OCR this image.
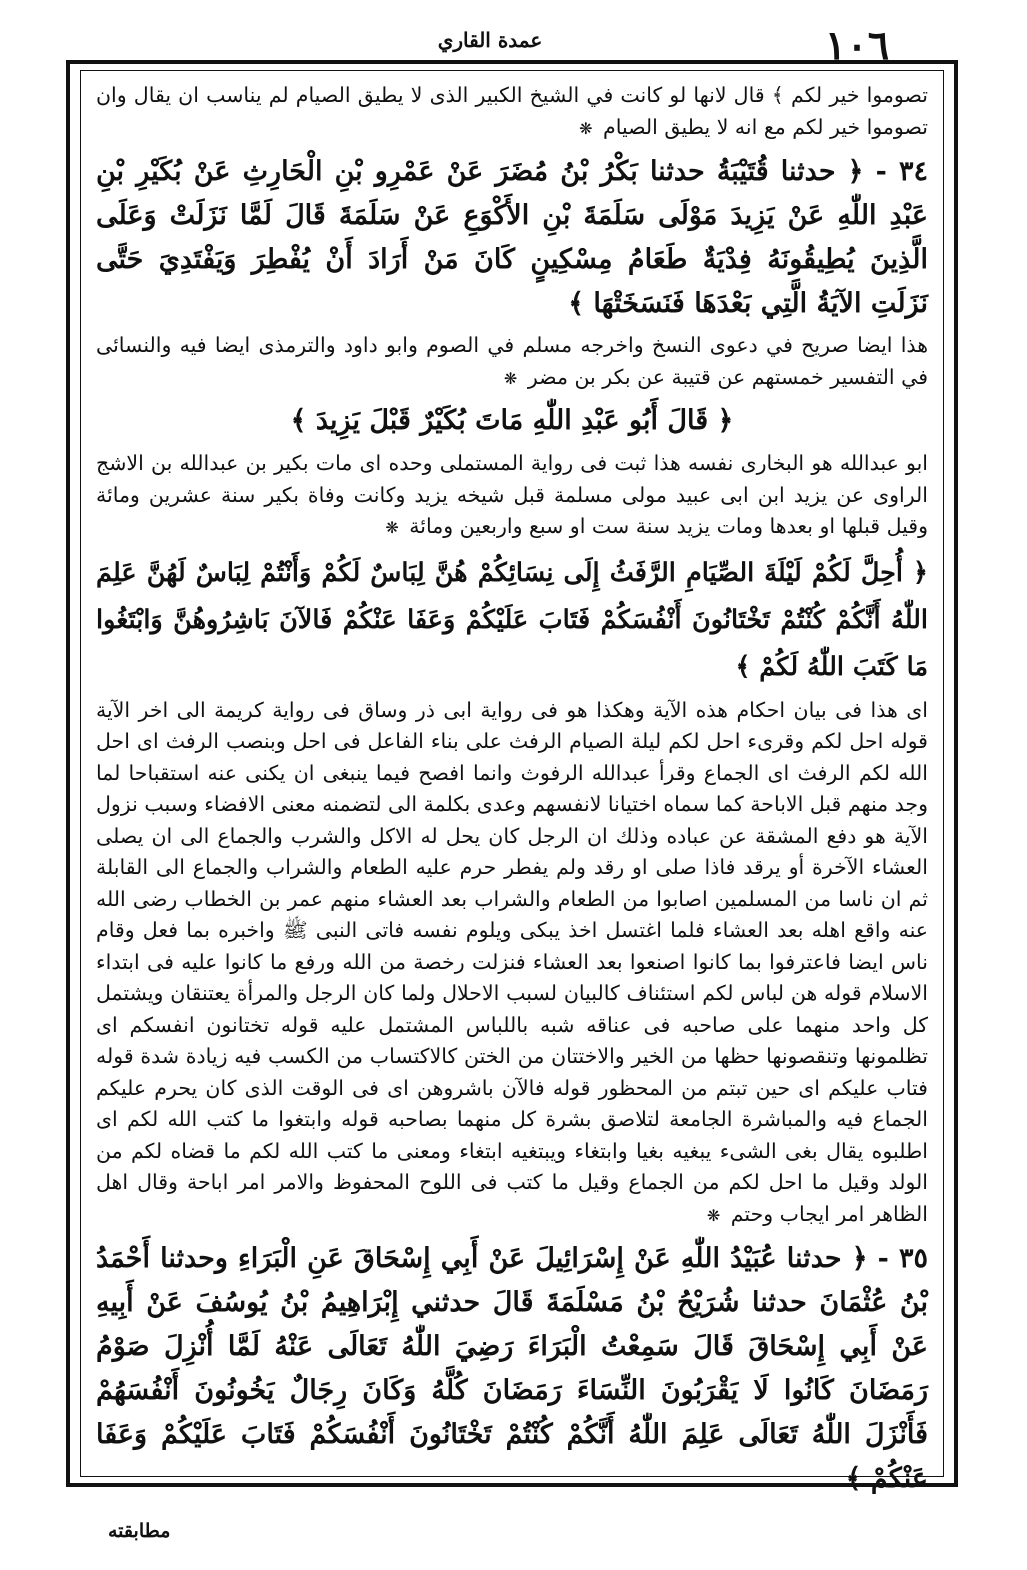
١٠٦
عمدة القاري

تصوموا خير لكم ﴾ قال لانها لو كانت في الشيخ الكبير الذى لا يطيق الصيام لم يناسب ان يقال وان تصوموا خير لكم مع انه لا يطيق الصيام ❋

٣٤ - ﴿ حدثنا قُتَيْبَةُ حدثنا بَكْرُ بْنُ مُضَرَ عَنْ عَمْرِو بْنِ الْحَارِثِ عَنْ بُكَيْرِ بْنِ عَبْدِ اللّٰهِ عَنْ يَزِيدَ مَوْلَى سَلَمَةَ بْنِ الأَكْوَعِ عَنْ سَلَمَةَ قَالَ لَمَّا نَزَلَتْ وَعَلَى الَّذِينَ يُطِيقُونَهُ فِدْيَةٌ طَعَامُ مِسْكِينٍ كَانَ مَنْ أَرَادَ أَنْ يُفْطِرَ وَيَفْتَدِيَ حَتَّى نَزَلَتِ الآيَةُ الَّتِي بَعْدَهَا فَنَسَخَتْهَا ﴾

هذا ايضا صريح في دعوى النسخ واخرجه مسلم في الصوم وابو داود والترمذى ايضا فيه والنسائى في التفسير خمستهم عن قتيبة عن بكر بن مضر ❋

﴿ قَالَ أَبُو عَبْدِ اللّٰهِ مَاتَ بُكَيْرٌ قَبْلَ يَزِيدَ ﴾

ابو عبدالله هو البخارى نفسه هذا ثبت فى رواية المستملى وحده اى مات بكير بن عبدالله بن الاشج الراوى عن يزيد ابن ابى عبيد مولى مسلمة قبل شيخه يزيد وكانت وفاة بكير سنة عشرين ومائة وقيل قبلها او بعدها ومات يزيد سنة ست او سبع واربعين ومائة ❋

﴿ أُحِلَّ لَكُمْ لَيْلَةَ الصِّيَامِ الرَّفَثُ إِلَى نِسَائِكُمْ هُنَّ لِبَاسٌ لَكُمْ وَأَنْتُمْ لِبَاسٌ لَهُنَّ عَلِمَ اللّٰهُ أَنَّكُمْ كُنْتُمْ تَخْتَانُونَ أَنْفُسَكُمْ فَتَابَ عَلَيْكُمْ وَعَفَا عَنْكُمْ فَالآنَ بَاشِرُوهُنَّ وَابْتَغُوا مَا كَتَبَ اللّٰهُ لَكُمْ ﴾

اى هذا فى بيان احكام هذه الآية وهكذا هو فى رواية ابى ذر وساق فى رواية كريمة الى اخر الآية قوله احل لكم وقرىء احل لكم ليلة الصيام الرفث على بناء الفاعل فى احل وبنصب الرفث اى احل الله لكم الرفث اى الجماع وقرأ عبدالله الرفوث وانما افصح فيما ينبغى ان يكنى عنه استقباحا لما وجد منهم قبل الاباحة كما سماه اختيانا لانفسهم وعدى بكلمة الى لتضمنه معنى الافضاء وسبب نزول الآية هو دفع المشقة عن عباده وذلك ان الرجل كان يحل له الاكل والشرب والجماع الى ان يصلى العشاء الآخرة أو يرقد فاذا صلى او رقد ولم يفطر حرم عليه الطعام والشراب والجماع الى القابلة ثم ان ناسا من المسلمين اصابوا من الطعام والشراب بعد العشاء منهم عمر بن الخطاب رضى الله عنه واقع اهله بعد العشاء فلما اغتسل اخذ يبكى ويلوم نفسه فاتى النبى ﷺ واخبره بما فعل وقام ناس ايضا فاعترفوا بما كانوا اصنعوا بعد العشاء فنزلت رخصة من الله ورفع ما كانوا عليه فى ابتداء الاسلام قوله هن لباس لكم استئناف كالبيان لسبب الاحلال ولما كان الرجل والمرأة يعتنقان ويشتمل كل واحد منهما على صاحبه فى عناقه شبه باللباس المشتمل عليه قوله تختانون انفسكم اى تظلمونها وتنقصونها حظها من الخير والاختتان من الختن كالاكتساب من الكسب فيه زيادة شدة قوله فتاب عليكم اى حين تبتم من المحظور قوله فالآن باشروهن اى فى الوقت الذى كان يحرم عليكم الجماع فيه والمباشرة الجامعة لتلاصق بشرة كل منهما بصاحبه قوله وابتغوا ما كتب الله لكم اى اطلبوه يقال بغى الشىء يبغيه بغيا وابتغاء ويبتغيه ابتغاء ومعنى ما كتب الله لكم ما قضاه لكم من الولد وقيل ما احل لكم من الجماع وقيل ما كتب فى اللوح المحفوظ والامر امر اباحة وقال اهل الظاهر امر ايجاب وحتم ❋

٣٥ - ﴿ حدثنا عُبَيْدُ اللّٰهِ عَنْ إِسْرَائِيلَ عَنْ أَبِي إِسْحَاقَ عَنِ الْبَرَاءِ وحدثنا أَحْمَدُ بْنُ عُثْمَانَ حدثنا شُرَيْحُ بْنُ مَسْلَمَةَ قَالَ حدثني إِبْرَاهِيمُ بْنُ يُوسُفَ عَنْ أَبِيهِ عَنْ أَبِي إِسْحَاقَ قَالَ سَمِعْتُ الْبَرَاءَ رَضِيَ اللّٰهُ تَعَالَى عَنْهُ لَمَّا أُنْزِلَ صَوْمُ رَمَضَانَ كَانُوا لَا يَقْرَبُونَ النِّسَاءَ رَمَضَانَ كُلَّهُ وَكَانَ رِجَالٌ يَخُونُونَ أَنْفُسَهُمْ فَأَنْزَلَ اللّٰهُ تَعَالَى عَلِمَ اللّٰهُ أَنَّكُمْ كُنْتُمْ تَخْتَانُونَ أَنْفُسَكُمْ فَتَابَ عَلَيْكُمْ وَعَفَا عَنْكُمْ ﴾

مطابقته
